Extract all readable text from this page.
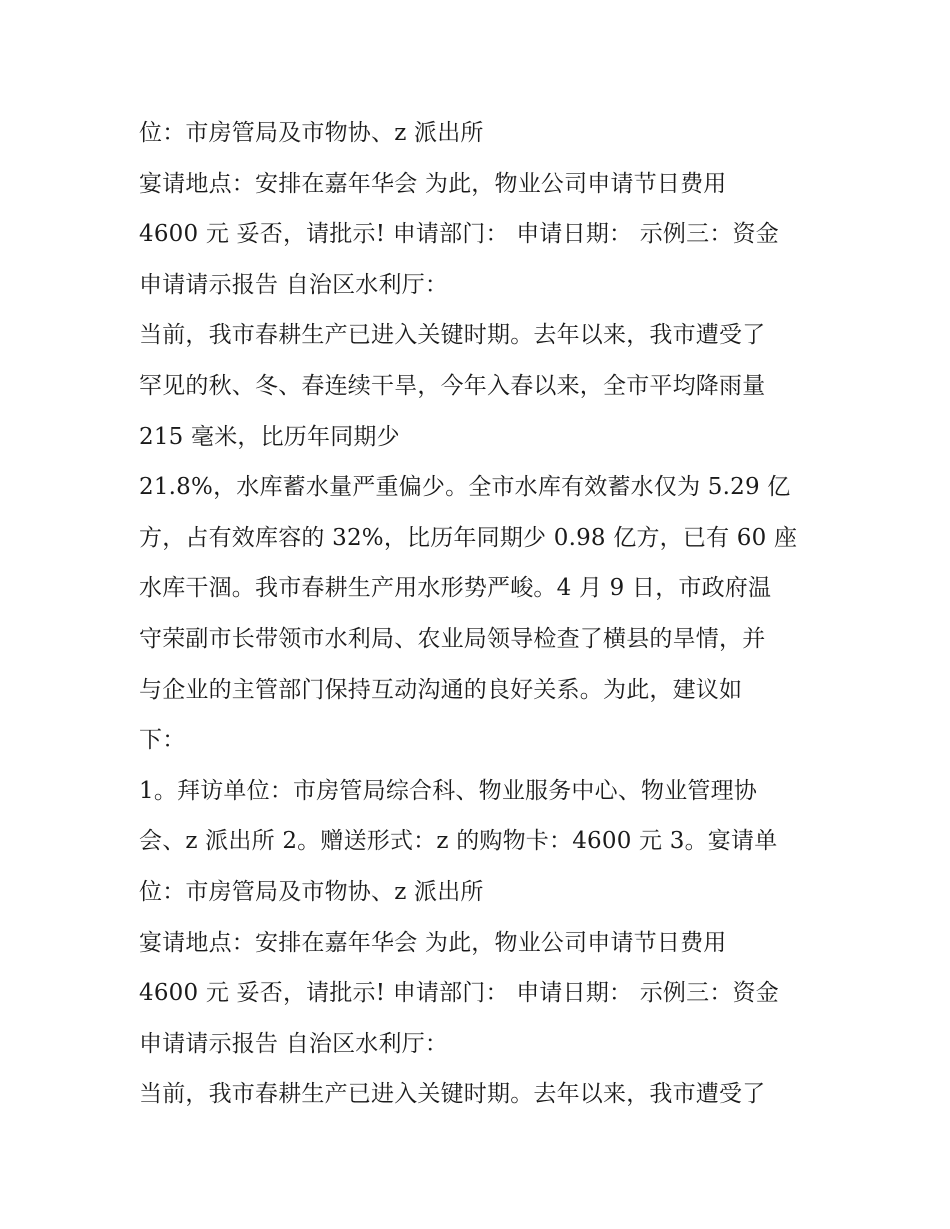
位：市房管局及市物协、z 派出所
宴请地点：安排在嘉年华会 为此，物业公司申请节日费用
4600 元 妥否，请批示! 申请部门： 申请日期： 示例三：资金
申请请示报告 自治区水利厅：
当前，我市春耕生产已进入关键时期。去年以来，我市遭受了
罕见的秋、冬、春连续干旱，今年入春以来，全市平均降雨量
215 毫米，比历年同期少
21.8%，水库蓄水量严重偏少。全市水库有效蓄水仅为 5.29 亿
方，占有效库容的 32%，比历年同期少 0.98 亿方，已有 60 座
水库干涸。我市春耕生产用水形势严峻。4 月 9 日，市政府温
守荣副市长带领市水利局、农业局领导检查了横县的旱情，并
与企业的主管部门保持互动沟通的良好关系。为此，建议如
下：
1。拜访单位：市房管局综合科、物业服务中心、物业管理协
会、z 派出所 2。赠送形式：z 的购物卡：4600 元 3。宴请单
位：市房管局及市物协、z 派出所
宴请地点：安排在嘉年华会 为此，物业公司申请节日费用
4600 元 妥否，请批示! 申请部门： 申请日期： 示例三：资金
申请请示报告 自治区水利厅：
当前，我市春耕生产已进入关键时期。去年以来，我市遭受了
